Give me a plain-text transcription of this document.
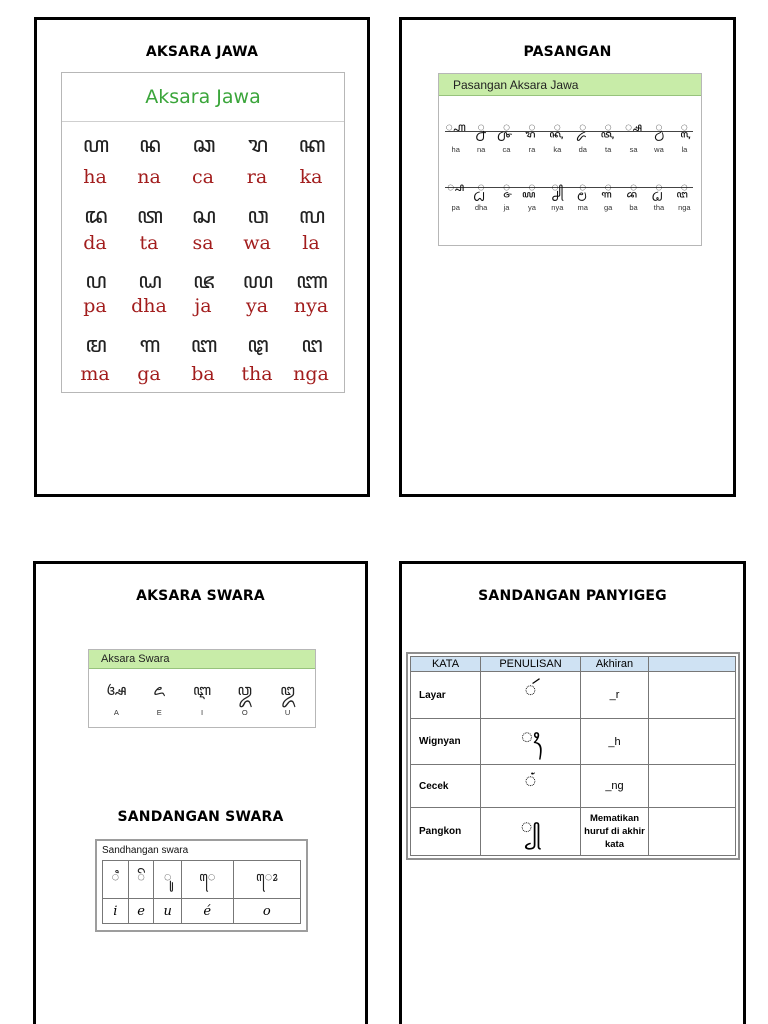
AKSARA JAWA
Aksara Jawa
ꦲ	ꦤ	ꦕ	ꦫ	ꦏ
ha	na	ca	ra	ka
ꦢ	ꦠ	ꦱ	ꦮ	ꦭ
da	ta	sa	wa	la
ꦥ	ꦝ	ꦗ	ꦪ	ꦚ
pa	dha	ja	ya	nya
ꦩ	ꦒ	ꦧ	ꦛ	ꦔ
ma	ga	ba	tha	nga
PASANGAN
Pasangan Aksara Jawa
꧀ꦲ ꧀ꦤ	꧀ꦕ	꧀ꦫ	꧀ꦏ	꧀ꦢ	꧀ꦠ	꧀ꦱ	꧀ꦮ	꧀ꦭ
ha	na	ca	ra	ka	da	ta	sa	wa	la
꧀ꦥ	꧀ꦝ	꧀ꦗ	꧀ꦪ	꧀ꦚ	꧀ꦩ	꧀ꦒ	꧀ꦧ	꧀ꦛ	꧀ꦔ
pa	dha	ja	ya	nya	ma	ga	ba	tha	nga
AKSARA SWARA
Aksara Swara
ꦄ	ꦌ	ꦆ	ꦎ	ꦈ
A	E	I	O	U
SANDANGAN SWARA
Sandhangan swara
ꦶ	ꦼ	ꦸ	ꦺ	ꦺꦴ
i	e	u	é	o
SANDANGAN PANYIGEG
KATA	PENULISAN	Akhiran	
Layar	ꦂ	_r	
Wignyan	ꦃ	_h	
Cecek	ꦁ	_ng	
Pangkon	꧀	Mematikan huruf di akhir kata	
